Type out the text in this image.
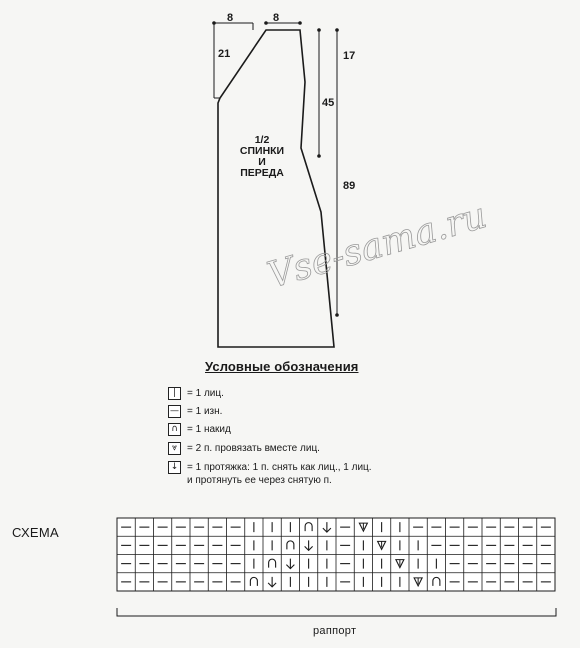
8	8
21
45
17
89
1/2
СПИНКИ
И
ПЕРЕДА
Vse-sama.ru
Условные обозначения
|	= 1 лиц.
— = 1 изн.
∩ = 1 накид
⩔ = 2 п. провязать вместе лиц.
↓ = 1 протяжка: 1 п. снять как лиц., 1 лиц.
и протянуть ее через снятую п.
СХЕМА
раппорт
